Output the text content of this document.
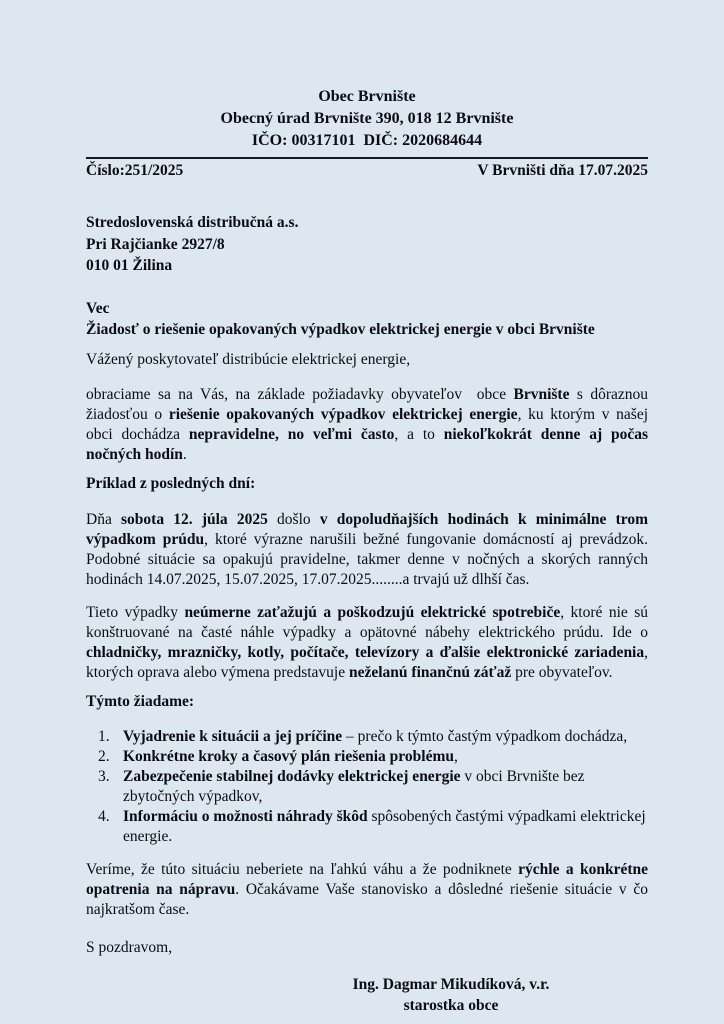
Obec Brvnište
Obecný úrad Brvnište 390, 018 12 Brvnište
IČO: 00317101  DIČ: 2020684644
Číslo:251/2025	V Brvništi dňa 17.07.2025
Stredoslovenská distribučná a.s.
Pri Rajčianke 2927/8
010 01 Žilina
Vec
Žiadosť o riešenie opakovaných výpadkov elektrickej energie v obci Brvnište

Vážený poskytovateľ distribúcie elektrickej energie,

obraciame sa na Vás, na základe požiadavky obyvateľov  obce Brvnište s dôraznou žiadosťou o riešenie opakovaných výpadkov elektrickej energie, ku ktorým v našej obci dochádza nepravidelne, no veľmi často, a to niekoľkokrát denne aj počas nočných hodín.

Príklad z posledných dní:

Dňa sobota 12. júla 2025 došlo v dopoludňajších hodinách k minimálne trom výpadkom prúdu, ktoré výrazne narušili bežné fungovanie domácností aj prevádzok. Podobné situácie sa opakujú pravidelne, takmer denne v nočných a skorých ranných hodinách 14.07.2025, 15.07.2025, 17.07.2025........a trvajú už dlhší čas.

Tieto výpadky neúmerne zaťažujú a poškodzujú elektrické spotrebiče, ktoré nie sú konštruované na časté náhle výpadky a opätovné nábehy elektrického prúdu. Ide o chladničky, mrazničky, kotly, počítače, televízory a ďalšie elektronické zariadenia, ktorých oprava alebo výmena predstavuje neželanú finančnú záťaž pre obyvateľov.

Týmto žiadame:

1. Vyjadrenie k situácii a jej príčine – prečo k týmto častým výpadkom dochádza,
2. Konkrétne kroky a časový plán riešenia problému,
3. Zabezpečenie stabilnej dodávky elektrickej energie v obci Brvnište bez zbytočných výpadkov,
4. Informáciu o možnosti náhrady škôd spôsobených častými výpadkami elektrickej energie.

Veríme, že túto situáciu neberiete na ľahkú váhu a že podniknete rýchle a konkrétne opatrenia na nápravu. Očakávame Vaše stanovisko a dôsledné riešenie situácie v čo najkratšom čase.

S pozdravom,

Ing. Dagmar Mikudíková, v.r.
starostka obce
